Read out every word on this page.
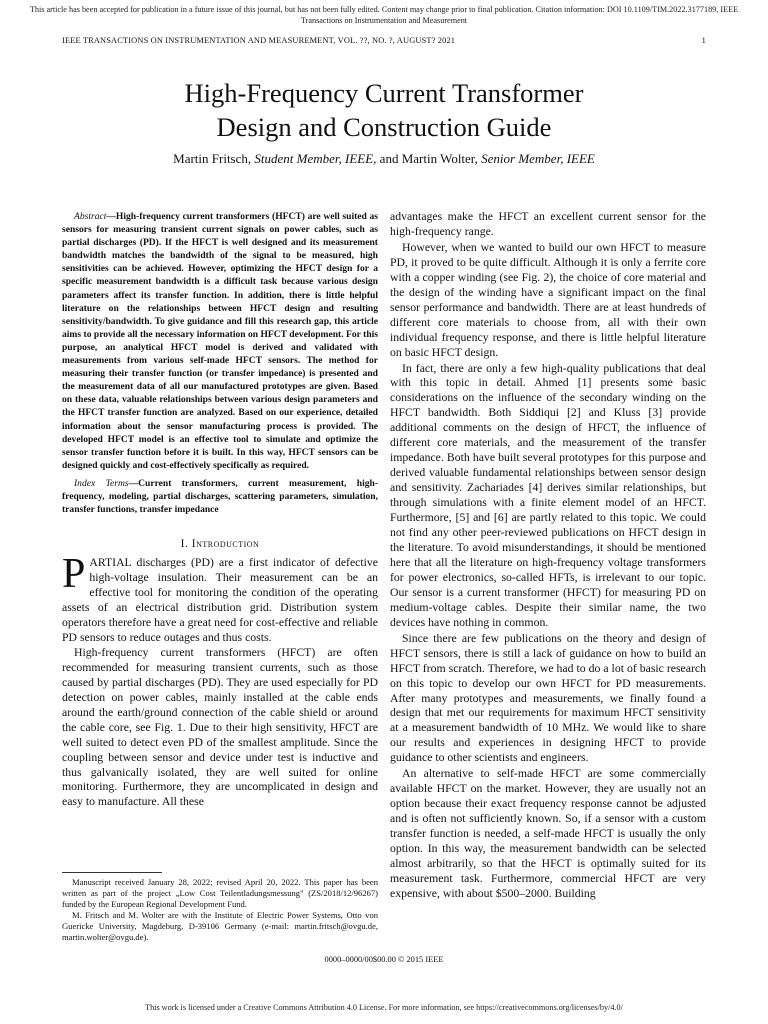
This article has been accepted for publication in a future issue of this journal, but has not been fully edited. Content may change prior to final publication. Citation information: DOI 10.1109/TIM.2022.3177189, IEEE
Transactions on Instrumentation and Measurement
IEEE TRANSACTIONS ON INSTRUMENTATION AND MEASUREMENT, VOL. ??, NO. ?, AUGUST? 2021	1
High-Frequency Current Transformer
Design and Construction Guide
Martin Fritsch, Student Member, IEEE, and Martin Wolter, Senior Member, IEEE

Abstract—High-frequency current transformers (HFCT) are well suited as sensors for measuring transient current signals on power cables, such as partial discharges (PD). If the HFCT is well designed and its measurement bandwidth matches the bandwidth of the signal to be measured, high sensitivities can be achieved. However, optimizing the HFCT design for a specific measurement bandwidth is a difficult task because various design parameters affect its transfer function. In addition, there is little helpful literature on the relationships between HFCT design and resulting sensitivity/bandwidth. To give guidance and fill this research gap, this article aims to provide all the necessary information on HFCT development. For this purpose, an analytical HFCT model is derived and validated with measurements from various self-made HFCT sensors. The method for measuring their transfer function (or transfer impedance) is presented and the measurement data of all our manufactured prototypes are given. Based on these data, valuable relationships between various design parameters and the HFCT transfer function are analyzed. Based on our experience, detailed information about the sensor manufacturing process is provided. The developed HFCT model is an effective tool to simulate and optimize the sensor transfer function before it is built. In this way, HFCT sensors can be designed quickly and cost-effectively specifically as required.

Index Terms—Current transformers, current measurement, high-frequency, modeling, partial discharges, scattering parameters, simulation, transfer functions, transfer impedance

I. Introduction

PARTIAL discharges (PD) are a first indicator of defective high-voltage insulation. Their measurement can be an effective tool for monitoring the condition of the operating assets of an electrical distribution grid. Distribution system operators therefore have a great need for cost-effective and reliable PD sensors to reduce outages and thus costs.

High-frequency current transformers (HFCT) are often recommended for measuring transient currents, such as those caused by partial discharges (PD). They are used especially for PD detection on power cables, mainly installed at the cable ends around the earth/ground connection of the cable shield or around the cable core, see Fig. 1. Due to their high sensitivity, HFCT are well suited to detect even PD of the smallest amplitude. Since the coupling between sensor and device under test is inductive and thus galvanically isolated, they are well suited for online monitoring. Furthermore, they are uncomplicated in design and easy to manufacture. All these

advantages make the HFCT an excellent current sensor for the high-frequency range.

However, when we wanted to build our own HFCT to measure PD, it proved to be quite difficult. Although it is only a ferrite core with a copper winding (see Fig. 2), the choice of core material and the design of the winding have a significant impact on the final sensor performance and bandwidth. There are at least hundreds of different core materials to choose from, all with their own individual frequency response, and there is little helpful literature on basic HFCT design.

In fact, there are only a few high-quality publications that deal with this topic in detail. Ahmed [1] presents some basic considerations on the influence of the secondary winding on the HFCT bandwidth. Both Siddiqui [2] and Kluss [3] provide additional comments on the design of HFCT, the influence of different core materials, and the measurement of the transfer impedance. Both have built several prototypes for this purpose and derived valuable fundamental relationships between sensor design and sensitivity. Zachariades [4] derives similar relationships, but through simulations with a finite element model of an HFCT. Furthermore, [5] and [6] are partly related to this topic. We could not find any other peer-reviewed publications on HFCT design in the literature. To avoid misunderstandings, it should be mentioned here that all the literature on high-frequency voltage transformers for power electronics, so-called HFTs, is irrelevant to our topic. Our sensor is a current transformer (HFCT) for measuring PD on medium-voltage cables. Despite their similar name, the two devices have nothing in common.

Since there are few publications on the theory and design of HFCT sensors, there is still a lack of guidance on how to build an HFCT from scratch. Therefore, we had to do a lot of basic research on this topic to develop our own HFCT for PD measurements. After many prototypes and measurements, we finally found a design that met our requirements for maximum HFCT sensitivity at a measurement bandwidth of 10 MHz. We would like to share our results and experiences in designing HFCT to provide guidance to other scientists and engineers.

An alternative to self-made HFCT are some commercially available HFCT on the market. However, they are usually not an option because their exact frequency response cannot be adjusted and is often not sufficiently known. So, if a sensor with a custom transfer function is needed, a self-made HFCT is usually the only option. In this way, the measurement bandwidth can be selected almost arbitrarily, so that the HFCT is optimally suited for its measurement task. Furthermore, commercial HFCT are very expensive, with about $500–2000. Building

Manuscript received January 28, 2022; revised April 20, 2022. This paper has been written as part of the project „Low Cost Teilentladungsmessung" (ZS/2018/12/96267) funded by the European Regional Development Fund.

M. Fritsch and M. Wolter are with the Institute of Electric Power Systems, Otto von Guericke University, Magdeburg, D-39106 Germany (e-mail: martin.fritsch@ovgu.de, martin.wolter@ovgu.de).

0000–0000/00$00.00 © 2015 IEEE
This work is licensed under a Creative Commons Attribution 4.0 License. For more information, see https://creativecommons.org/licenses/by/4.0/
